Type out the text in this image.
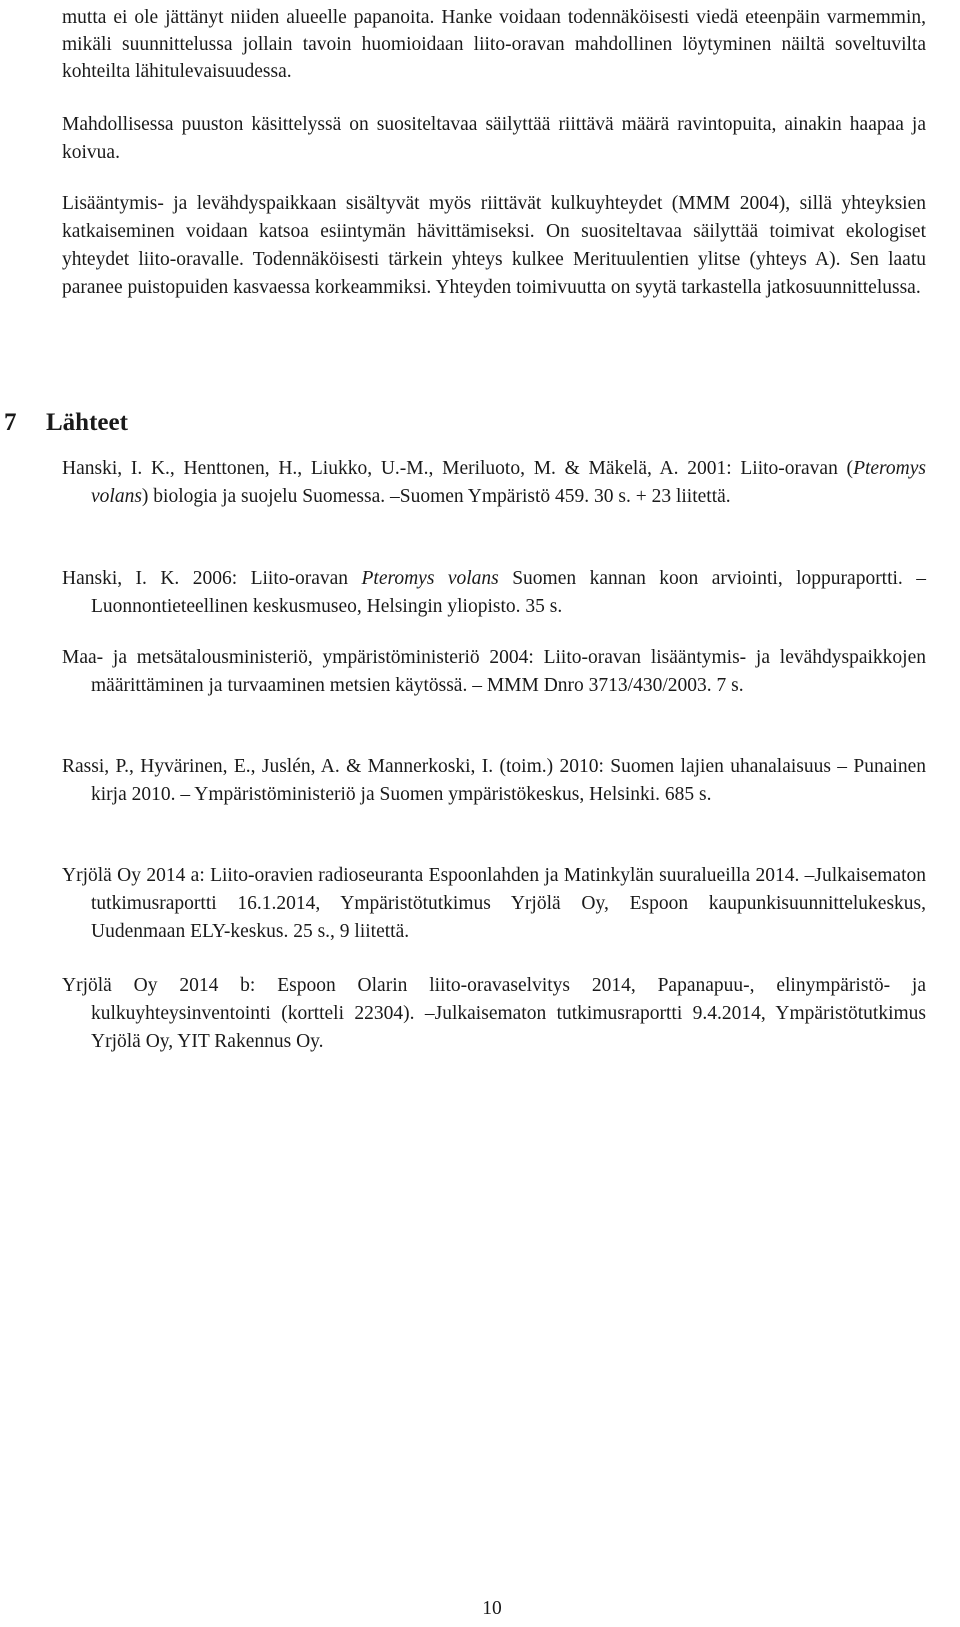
mutta ei ole jättänyt niiden alueelle papanoita. Hanke voidaan todennäköisesti viedä eteenpäin varmemmin, mikäli suunnittelussa jollain tavoin huomioidaan liito-oravan mahdollinen löytyminen näiltä soveltuvilta kohteilta lähitulevaisuudessa.

Mahdollisessa puuston käsittelyssä on suositeltavaa säilyttää riittävä määrä ravintopuita, ainakin haapaa ja koivua.

Lisääntymis- ja levähdyspaikkaan sisältyvät myös riittävät kulkuyhteydet (MMM 2004), sillä yhteyksien katkaiseminen voidaan katsoa esiintymän hävittämiseksi. On suositeltavaa säilyttää toimivat ekologiset yhteydet liito-oravalle. Todennäköisesti tärkein yhteys kulkee Merituulentien ylitse (yhteys A). Sen laatu paranee puistopuiden kasvaessa korkeammiksi. Yhteyden toimivuutta on syytä tarkastella jatkosuunnittelussa.

7 Lähteet

Hanski, I. K., Henttonen, H., Liukko, U.-M., Meriluoto, M. & Mäkelä, A. 2001: Liito-oravan (Pteromys volans) biologia ja suojelu Suomessa. –Suomen Ympäristö 459. 30 s. + 23 liitettä.

Hanski, I. K. 2006: Liito-oravan Pteromys volans Suomen kannan koon arviointi, loppuraportti. –Luonnontieteellinen keskusmuseo, Helsingin yliopisto. 35 s.

Maa- ja metsätalousministeriö, ympäristöministeriö 2004: Liito-oravan lisääntymis- ja levähdyspaikkojen määrittäminen ja turvaaminen metsien käytössä. – MMM Dnro 3713/430/2003. 7 s.

Rassi, P., Hyvärinen, E., Juslén, A. & Mannerkoski, I. (toim.) 2010: Suomen lajien uhanalaisuus – Punainen kirja 2010. – Ympäristöministeriö ja Suomen ympäristökeskus, Helsinki. 685 s.

Yrjölä Oy 2014 a: Liito-oravien radioseuranta Espoonlahden ja Matinkylän suuralueilla 2014. –Julkaisematon tutkimusraportti 16.1.2014, Ympäristötutkimus Yrjölä Oy, Espoon kaupunkisuunnittelukeskus, Uudenmaan ELY-keskus. 25 s., 9 liitettä.

Yrjölä Oy 2014 b: Espoon Olarin liito-oravaselvitys 2014, Papanapuu-, elinympäristö- ja kulkuyhteysinventointi (kortteli 22304). –Julkaisematon tutkimusraportti 9.4.2014, Ympäristötutkimus Yrjölä Oy, YIT Rakennus Oy.

10
